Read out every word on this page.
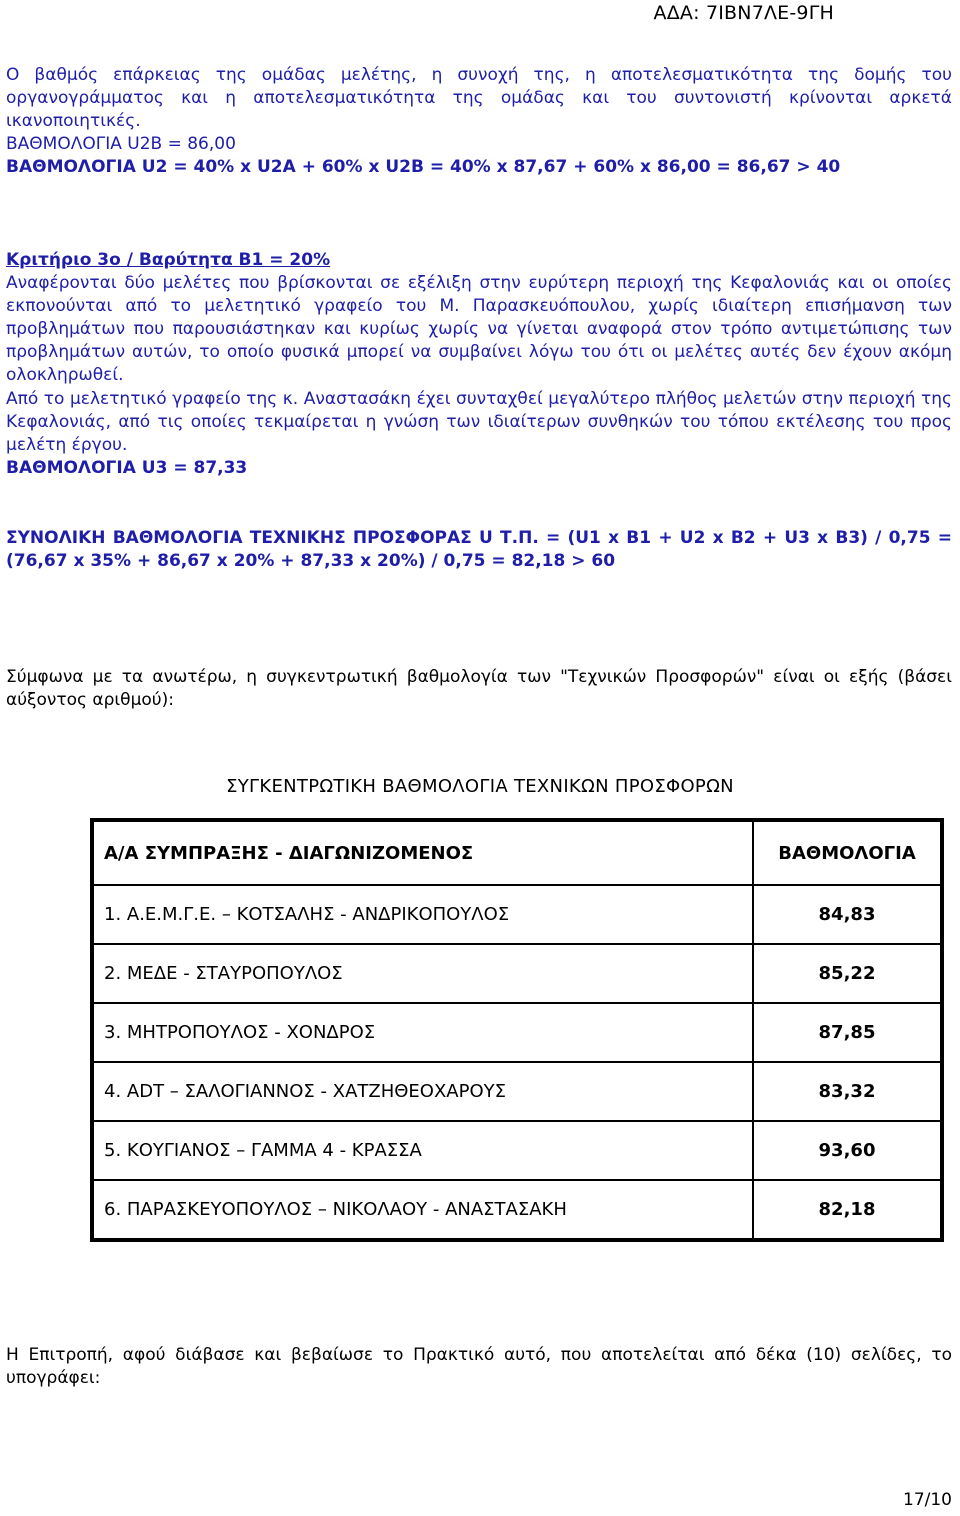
ΑΔΑ: 7ΙΒΝ7ΛΕ-9ΓΗ
Ο βαθμός επάρκειας της ομάδας μελέτης, η συνοχή της, η αποτελεσματικότητα της δομής του οργανογράμματος και η αποτελεσματικότητα της ομάδας και του συντονιστή κρίνονται αρκετά ικανοποιητικές.
ΒΑΘΜΟΛΟΓΙΑ U2B = 86,00
ΒΑΘΜΟΛΟΓΙΑ U2 = 40% x U2A + 60% x U2B = 40% x 87,67 + 60% x 86,00 = 86,67 > 40
Κριτήριο 3ο / Βαρύτητα Β1 = 20%
Αναφέρονται δύο μελέτες που βρίσκονται σε εξέλιξη στην ευρύτερη περιοχή της Κεφαλονιάς και οι οποίες εκπονούνται από το μελετητικό γραφείο του Μ. Παρασκευόπουλου, χωρίς ιδιαίτερη επισήμανση των προβλημάτων που παρουσιάστηκαν και κυρίως χωρίς να γίνεται αναφορά στον τρόπο αντιμετώπισης των προβλημάτων αυτών, το οποίο φυσικά μπορεί να συμβαίνει λόγω του ότι οι μελέτες αυτές δεν έχουν ακόμη ολοκληρωθεί.
Από το μελετητικό γραφείο της κ. Αναστασάκη έχει συνταχθεί μεγαλύτερο πλήθος μελετών στην περιοχή της Κεφαλονιάς, από τις οποίες τεκμαίρεται η γνώση των ιδιαίτερων συνθηκών του τόπου εκτέλεσης του προς μελέτη έργου.
ΒΑΘΜΟΛΟΓΙΑ U3 = 87,33
ΣΥΝΟΛΙΚΗ ΒΑΘΜΟΛΟΓΙΑ ΤΕΧΝΙΚΗΣ ΠΡΟΣΦΟΡΑΣ U Τ.Π. = (U1 x B1 + U2 x B2 + U3 x B3) / 0,75 = (76,67 x 35% + 86,67 x 20% + 87,33 x 20%) / 0,75 = 82,18 > 60
Σύμφωνα με τα ανωτέρω, η συγκεντρωτική βαθμολογία των "Τεχνικών Προσφορών" είναι οι εξής (βάσει αύξοντος αριθμού):
ΣΥΓΚΕΝΤΡΩΤΙΚΗ ΒΑΘΜΟΛΟΓΙΑ ΤΕΧΝΙΚΩΝ ΠΡΟΣΦΟΡΩΝ
Α/Α ΣΥΜΠΡΑΞΗΣ - ΔΙΑΓΩΝΙΖΟΜΕΝΟΣ	ΒΑΘΜΟΛΟΓΙΑ
1. Α.Ε.Μ.Γ.Ε. – ΚΟΤΣΑΛΗΣ - ΑΝΔΡΙΚΟΠΟΥΛΟΣ	84,83
2. ΜΕΔΕ - ΣΤΑΥΡΟΠΟΥΛΟΣ	85,22
3. ΜΗΤΡΟΠΟΥΛΟΣ - ΧΟΝΔΡΟΣ	87,85
4. ADT – ΣΑΛΟΓΙΑΝΝΟΣ - ΧΑΤΖΗΘΕΟΧΑΡΟΥΣ	83,32
5. ΚΟΥΓΙΑΝΟΣ – ΓΑΜΜΑ 4 - ΚΡΑΣΣΑ	93,60
6. ΠΑΡΑΣΚΕΥΟΠΟΥΛΟΣ – ΝΙΚΟΛΑΟΥ - ΑΝΑΣΤΑΣΑΚΗ	82,18
Η Επιτροπή, αφού διάβασε και βεβαίωσε το Πρακτικό αυτό, που αποτελείται από δέκα (10) σελίδες, το υπογράφει:
17/10
